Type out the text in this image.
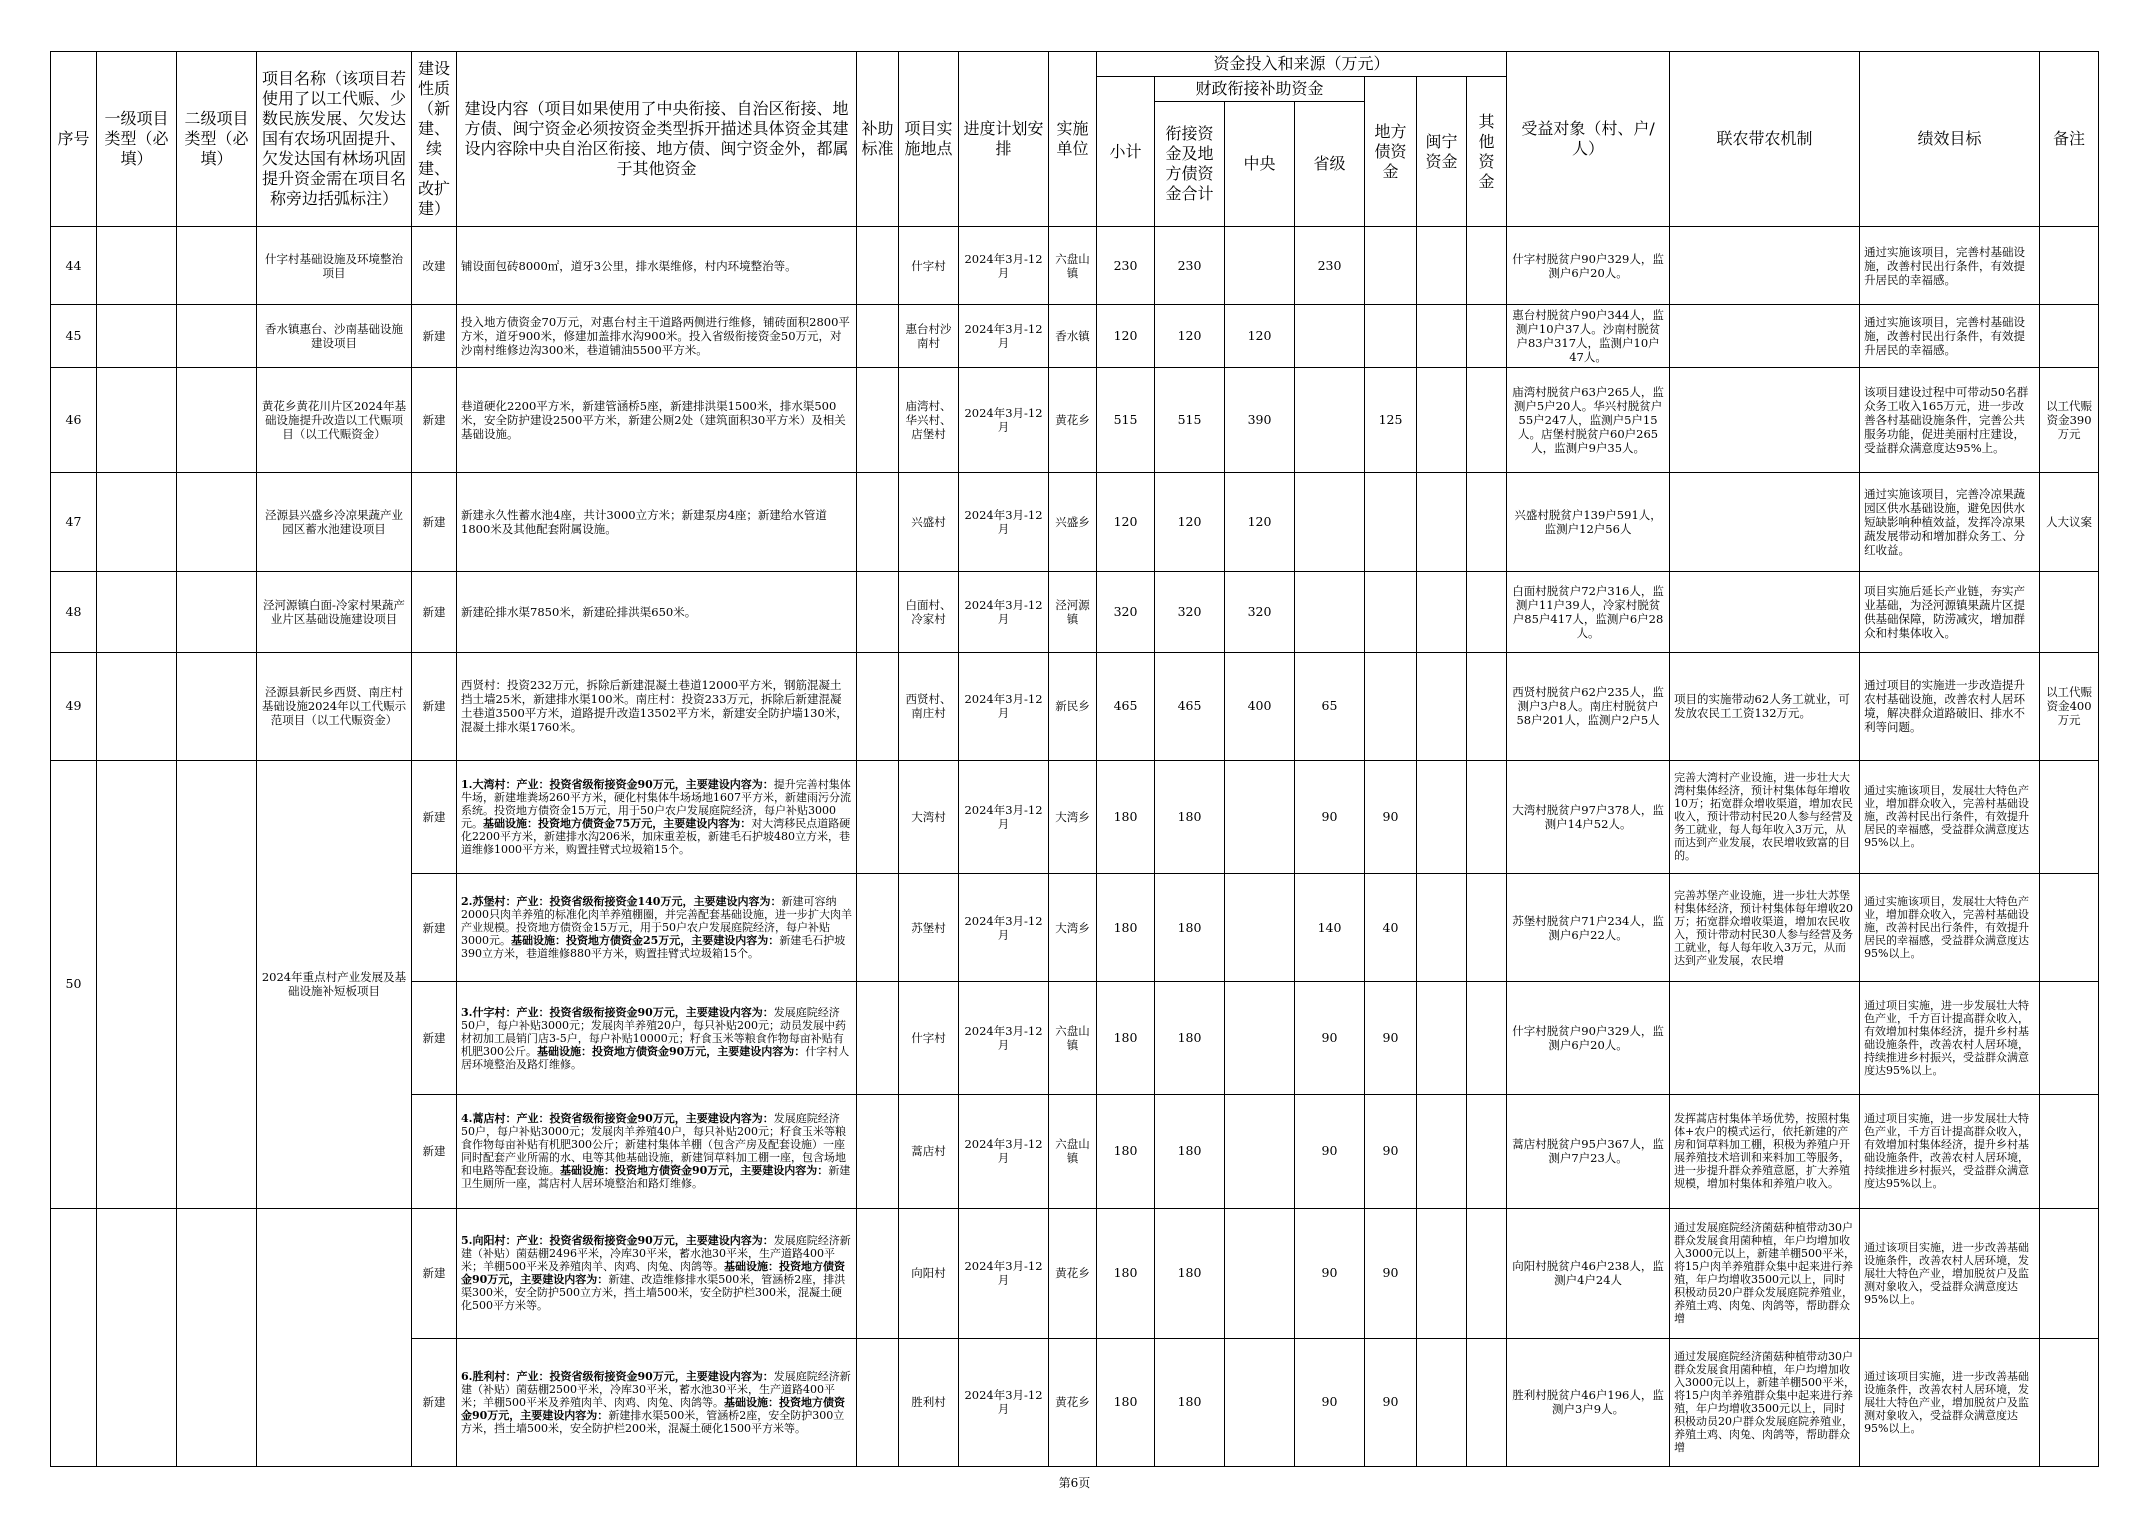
序号	一级项目类型（必填）	二级项目类型（必填）	项目名称（该项目若使用了以工代赈、少数民族发展、欠发达国有农场巩固提升、欠发达国有林场巩固提升资金需在项目名称旁边括弧标注）	建设性质（新建、续建、改扩建）	建设内容（项目如果使用了中央衔接、自治区衔接、地方债、闽宁资金必须按资金类型拆开描述具体资金其建设内容除中央自治区衔接、地方债、闽宁资金外，都属于其他资金	补助标准	项目实施地点	进度计划安排	实施单位	资金投入和来源（万元）							受益对象（村、户/人）	联农带农机制	绩效目标	备注
										小计	财政衔接补助资金			地方债资金	闽宁资金	其他资金				
											衔接资金及地方债资金合计	中央	省级							
44			什字村基础设施及环境整治项目	改建	铺设面包砖8000㎡，道牙3公里，排水渠维修，村内环境整治等。		什字村	2024年3月-12月	六盘山镇	230	230		230				什字村脱贫户90户329人，监测户6户20人。		通过实施该项目，完善村基础设施，改善村民出行条件，有效提升居民的幸福感。	
45			香水镇惠台、沙南基础设施建设项目	新建	投入地方债资金70万元，对惠台村主干道路两侧进行维修，铺砖面积2800平方米，道牙900米，修建加盖排水沟900米。投入省级衔接资金50万元，对沙南村维修边沟300米，巷道铺油5500平方米。		惠台村沙南村	2024年3月-12月	香水镇	120	120	120					惠台村脱贫户90户344人，监测户10户37人。沙南村脱贫户83户317人，监测户10户47人。		通过实施该项目，完善村基础设施，改善村民出行条件，有效提升居民的幸福感。	
46			黄花乡黄花川片区2024年基础设施提升改造以工代赈项目（以工代赈资金）	新建	巷道硬化2200平方米，新建管涵桥5座，新建排洪渠1500米，排水渠500米，安全防护建设2500平方米，新建公厕2处（建筑面积30平方米）及相关基础设施。		庙湾村、华兴村、店堡村	2024年3月-12月	黄花乡	515	515	390		125			庙湾村脱贫户63户265人，监测户5户20人。华兴村脱贫户55户247人，监测户5户15人。店堡村脱贫户60户265人，监测户9户35人。		该项目建设过程中可带动50名群众务工收入165万元，进一步改善各村基础设施条件，完善公共服务功能，促进美丽村庄建设，受益群众满意度达95%上。	以工代赈资金390万元
47			泾源县兴盛乡冷凉果蔬产业园区蓄水池建设项目	新建	新建永久性蓄水池4座，共计3000立方米；新建泵房4座；新建给水管道1800米及其他配套附属设施。		兴盛村	2024年3月-12月	兴盛乡	120	120	120					兴盛村脱贫户139户591人，监测户12户56人		通过实施该项目，完善冷凉果蔬园区供水基础设施，避免因供水短缺影响种植效益，发挥冷凉果蔬发展带动和增加群众务工、分红收益。	人大议案
48			泾河源镇白面-冷家村果蔬产业片区基础设施建设项目	新建	新建砼排水渠7850米，新建砼排洪渠650米。		白面村、冷家村	2024年3月-12月	泾河源镇	320	320	320					白面村脱贫户72户316人，监测户11户39人，冷家村脱贫户85户417人，监测户6户28人。		项目实施后延长产业链，夯实产业基础，为泾河源镇果蔬片区提供基础保障，防涝减灾，增加群众和村集体收入。	
49			泾源县新民乡西贤、南庄村基础设施2024年以工代赈示范项目（以工代赈资金）	新建	西贤村：投资232万元，拆除后新建混凝土巷道12000平方米，钢筋混凝土挡土墙25米，新建排水渠100米。南庄村：投资233万元，拆除后新建混凝土巷道3500平方米，道路提升改造13502平方米，新建安全防护墙130米，混凝土排水渠1760米。		西贤村、南庄村	2024年3月-12月	新民乡	465	465	400	65				西贤村脱贫户62户235人，监测户3户8人。南庄村脱贫户58户201人，监测户2户5人	项目的实施带动62人务工就业，可发放农民工工资132万元。	通过项目的实施进一步改造提升农村基础设施，改善农村人居环境，解决群众道路破旧、排水不利等问题。	以工代赈资金400万元
50			2024年重点村产业发展及基础设施补短板项目	新建	1.大湾村：产业：投资省级衔接资金90万元，主要建设内容为：提升完善村集体牛场，新建堆粪场260平方米，硬化村集体牛场场地1607平方米，新建雨污分流系统。投资地方债资金15万元，用于50户农户发展庭院经济，每户补贴3000元。基础设施：投资地方债资金75万元，主要建设内容为：对大湾移民点道路硬化2200平方米，新建排水沟206米，加床重差板，新建毛石护坡480立方米，巷道维修1000平方米，购置挂臂式垃圾箱15个。		大湾村	2024年3月-12月	大湾乡	180	180		90	90			大湾村脱贫户97户378人，监测户14户52人。	完善大湾村产业设施，进一步壮大大湾村集体经济，预计村集体每年增收10万；拓宽群众增收渠道，增加农民收入，预计带动村民20人参与经营及务工就业，每人每年收入3万元，从而达到产业发展，农民增收致富的目的。	通过实施该项目，发展壮大特色产业，增加群众收入，完善村基础设施，改善村民出行条件，有效提升居民的幸福感，受益群众满意度达95%以上。	
				新建	2.苏堡村：产业：投资省级衔接资金140万元，主要建设内容为：新建可容纳2000只肉羊养殖的标准化肉羊养殖棚圈，并完善配套基础设施，进一步扩大肉羊产业规模。投资地方债资金15万元，用于50户农户发展庭院经济，每户补贴3000元。基础设施：投资地方债资金25万元，主要建设内容为：新建毛石护坡390立方米，巷道维修880平方米，购置挂臂式垃圾箱15个。		苏堡村	2024年3月-12月	大湾乡	180	180		140	40			苏堡村脱贫户71户234人，监测户6户22人。	完善苏堡产业设施，进一步壮大苏堡村集体经济，预计村集体每年增收20万；拓宽群众增收渠道，增加农民收入，预计带动村民30人参与经营及务工就业，每人每年收入3万元，从而达到产业发展，农民增	通过实施该项目，发展壮大特色产业，增加群众收入，完善村基础设施，改善村民出行条件，有效提升居民的幸福感，受益群众满意度达95%以上。	
				新建	3.什字村：产业：投资省级衔接资金90万元，主要建设内容为：发展庭院经济50户，每户补贴3000元；发展肉羊养殖20户，每只补贴200元；动员发展中药材初加工晨销门店3-5户，每户补贴10000元；籽食玉米等粮食作物每亩补贴有机肥300公斤。基础设施：投资地方债资金90万元，主要建设内容为：什字村人居环境整治及路灯维修。		什字村	2024年3月-12月	六盘山镇	180	180		90	90			什字村脱贫户90户329人，监测户6户20人。		通过项目实施，进一步发展壮大特色产业，千方百计提高群众收入，有效增加村集体经济，提升乡村基础设施条件，改善农村人居环境，持续推进乡村振兴，受益群众满意度达95%以上。	
				新建	4.蒿店村：产业：投资省级衔接资金90万元，主要建设内容为：发展庭院经济50户，每户补贴3000元；发展肉羊养殖40户，每只补贴200元；籽食玉米等粮食作物每亩补贴有机肥300公斤；新建村集体羊棚（包含产房及配套设施）一座同时配套产业所需的水、电等其他基础设施，新建饲草料加工棚一座，包含场地和电路等配套设施。基础设施：投资地方债资金90万元，主要建设内容为：新建卫生厕所一座，蒿店村人居环境整治和路灯维修。		蒿店村	2024年3月-12月	六盘山镇	180	180		90	90			蒿店村脱贫户95户367人，监测户7户23人。	发挥蒿店村集体羊场优势，按照村集体+农户的模式运行，依托新建的产房和饲草料加工棚，积极为养殖户开展养殖技术培训和来料加工等服务，进一步提升群众养殖意愿，扩大养殖规模，增加村集体和养殖户收入。	通过项目实施，进一步发展壮大特色产业，千方百计提高群众收入，有效增加村集体经济，提升乡村基础设施条件，改善农村人居环境，持续推进乡村振兴，受益群众满意度达95%以上。	
				新建	5.向阳村：产业：投资省级衔接资金90万元，主要建设内容为：发展庭院经济新建（补贴）菌菇棚2496平米，冷库30平米，蓄水池30平米，生产道路400平米；羊棚500平米及养殖肉羊、肉鸡、肉兔、肉鸽等。基础设施：投资地方债资金90万元，主要建设内容为：新建、改造维修排水渠500米，管涵桥2座，排洪渠300米，安全防护500立方米，挡土墙500米，安全防护栏300米，混凝土硬化500平方米等。		向阳村	2024年3月-12月	黄花乡	180	180		90	90			向阳村脱贫户46户238人，监测户4户24人	通过发展庭院经济菌菇种植带动30户群众发展食用菌种植，年户均增加收入3000元以上，新建羊棚500平米，将15户肉羊养殖群众集中起来进行养殖，年户均增收3500元以上，同时积极动员20户群众发展庭院养殖业，养殖土鸡、肉兔、肉鸽等，帮助群众增	通过该项目实施，进一步改善基础设施条件，改善农村人居环境，发展壮大特色产业，增加脱贫户及监测对象收入，受益群众满意度达95%以上。	
				新建	6.胜利村：产业：投资省级衔接资金90万元，主要建设内容为：发展庭院经济新建（补贴）菌菇棚2500平米，冷库30平米，蓄水池30平米，生产道路400平米；羊棚500平米及养殖肉羊、肉鸡、肉兔、肉鸽等。基础设施：投资地方债资金90万元，主要建设内容为：新建排水渠500米，管涵桥2座，安全防护300立方米，挡土墙500米，安全防护栏200米，混凝土硬化1500平方米等。		胜利村	2024年3月-12月	黄花乡	180	180		90	90			胜利村脱贫户46户196人，监测户3户9人。	通过发展庭院经济菌菇种植带动30户群众发展食用菌种植，年户均增加收入3000元以上，新建羊棚500平米，将15户肉羊养殖群众集中起来进行养殖，年户均增收3500元以上，同时积极动员20户群众发展庭院养殖业，养殖土鸡、肉兔、肉鸽等，帮助群众增	通过该项目实施，进一步改善基础设施条件，改善农村人居环境，发展壮大特色产业，增加脱贫户及监测对象收入，受益群众满意度达95%以上。	
第6页
